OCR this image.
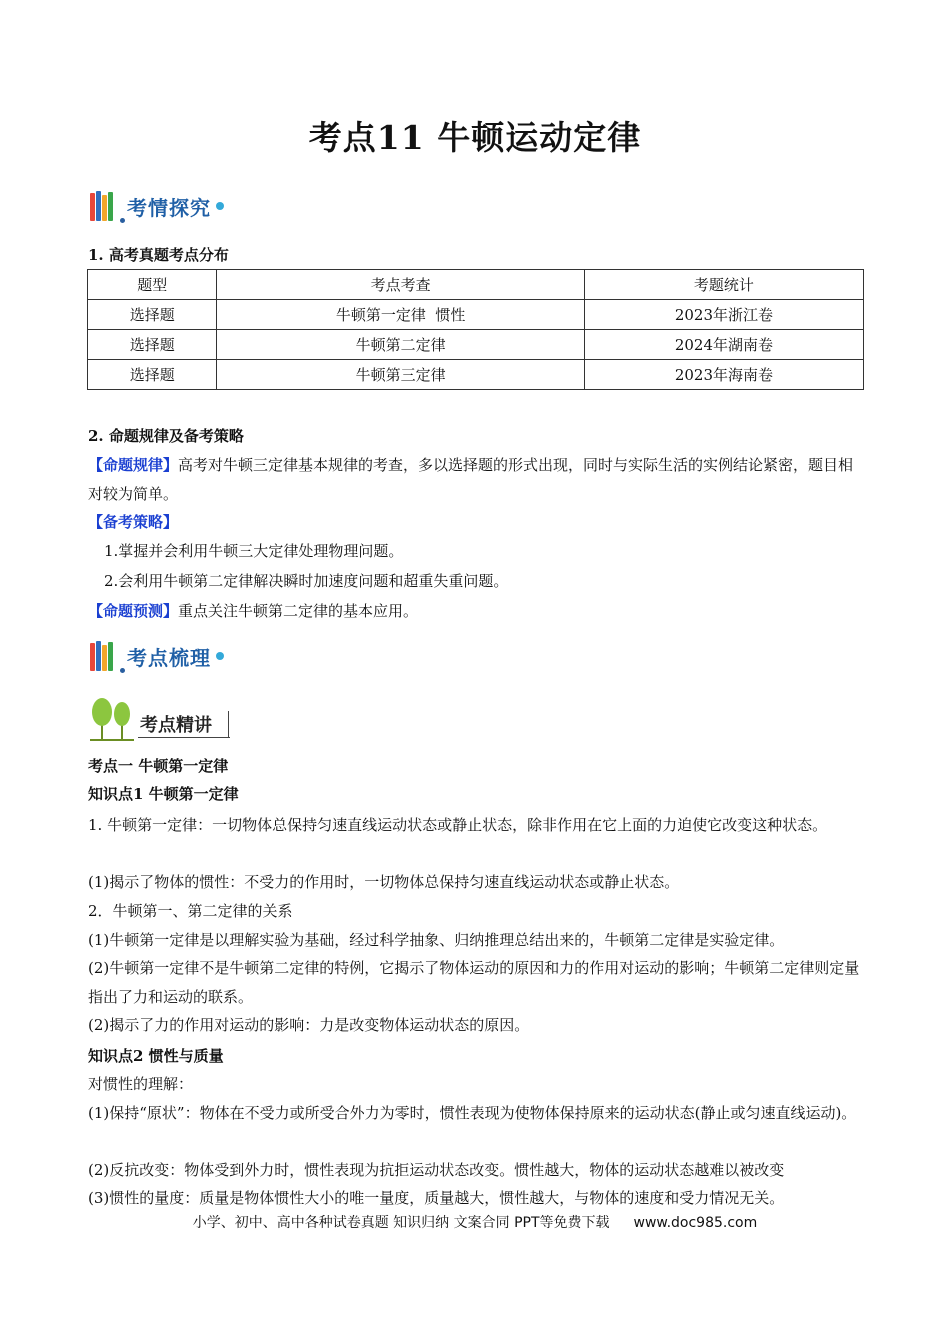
考点11 牛顿运动定律
考情探究
1. 高考真题考点分布
题型	考点考查	考题统计
选择题	牛顿第一定律  惯性	2023年浙江卷
选择题	牛顿第二定律	2024年湖南卷
选择题	牛顿第三定律	2023年海南卷
2. 命题规律及备考策略
【命题规律】高考对牛顿三定律基本规律的考查，多以选择题的形式出现，同时与实际生活的实例结论紧密，题目相对较为简单。
【备考策略】
1.掌握并会利用牛顿三大定律处理物理问题。
2.会利用牛顿第二定律解决瞬时加速度问题和超重失重问题。
【命题预测】重点关注牛顿第二定律的基本应用。
考点梳理
考点精讲
考点一 牛顿第一定律
知识点1 牛顿第一定律
1. 牛顿第一定律：一切物体总保持匀速直线运动状态或静止状态，除非作用在它上面的力迫使它改变这种状态。
(1)揭示了物体的惯性：不受力的作用时，一切物体总保持匀速直线运动状态或静止状态。
2．牛顿第一、第二定律的关系
(1)牛顿第一定律是以理解实验为基础，经过科学抽象、归纳推理总结出来的，牛顿第二定律是实验定律。
(2)牛顿第一定律不是牛顿第二定律的特例，它揭示了物体运动的原因和力的作用对运动的影响；牛顿第二定律则定量指出了力和运动的联系。
(2)揭示了力的作用对运动的影响：力是改变物体运动状态的原因。
知识点2 惯性与质量
对惯性的理解：
(1)保持“原状”：物体在不受力或所受合外力为零时，惯性表现为使物体保持原来的运动状态(静止或匀速直线运动)。
(2)反抗改变：物体受到外力时，惯性表现为抗拒运动状态改变。惯性越大，物体的运动状态越难以被改变
(3)惯性的量度：质量是物体惯性大小的唯一量度，质量越大，惯性越大，与物体的速度和受力情况无关。
小学、初中、高中各种试卷真题 知识归纳 文案合同 PPT等免费下载 www.doc985.com
